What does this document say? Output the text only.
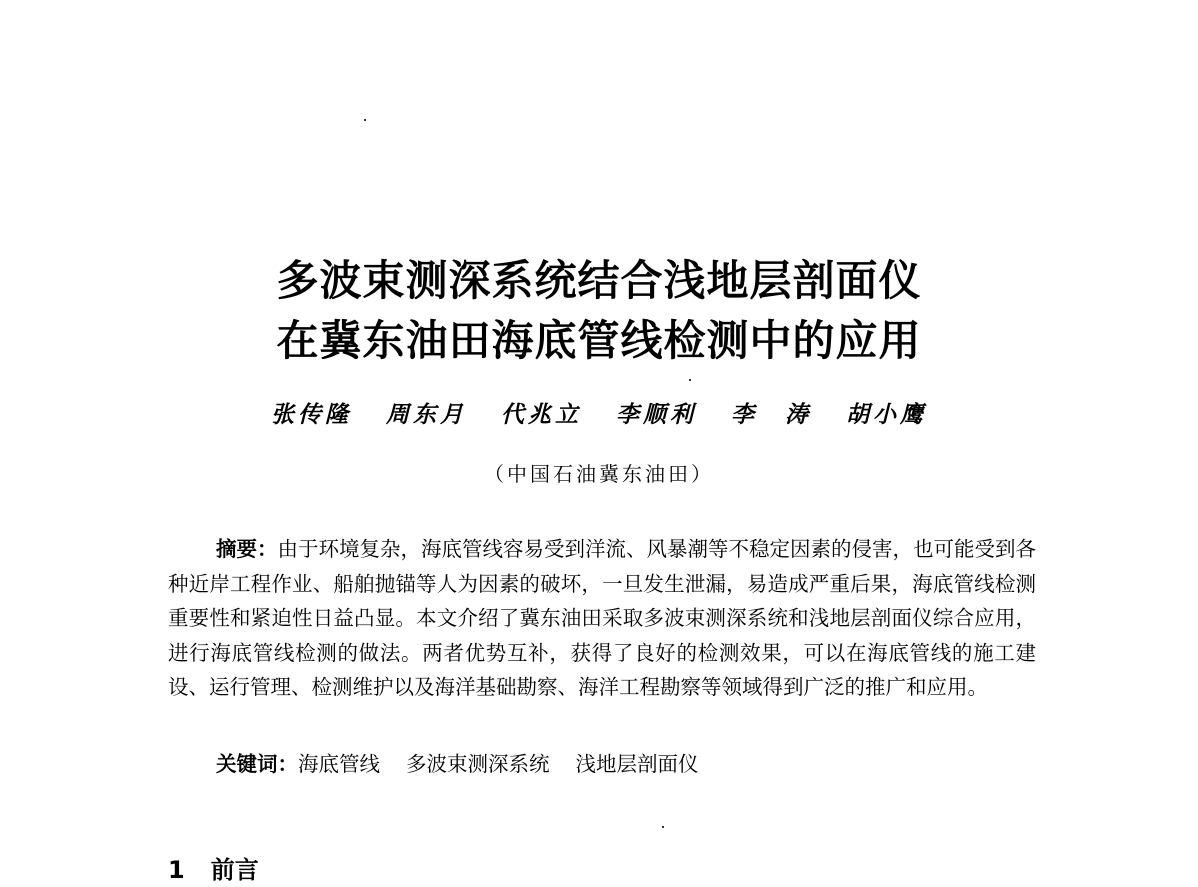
多波束测深系统结合浅地层剖面仪
在冀东油田海底管线检测中的应用
张传隆 周东月 代兆立 李顺利 李　涛 胡小鹰
（中国石油冀东油田）

摘要：由于环境复杂，海底管线容易受到洋流、风暴潮等不稳定因素的侵害，也可能受到各种近岸工程作业、船舶抛锚等人为因素的破坏，一旦发生泄漏，易造成严重后果，海底管线检测重要性和紧迫性日益凸显。本文介绍了冀东油田采取多波束测深系统和浅地层剖面仪综合应用，进行海底管线检测的做法。两者优势互补，获得了良好的检测效果，可以在海底管线的施工建设、运行管理、检测维护以及海洋基础勘察、海洋工程勘察等领域得到广泛的推广和应用。

关键词：海底管线 多波束测深系统 浅地层剖面仪

1 前言
